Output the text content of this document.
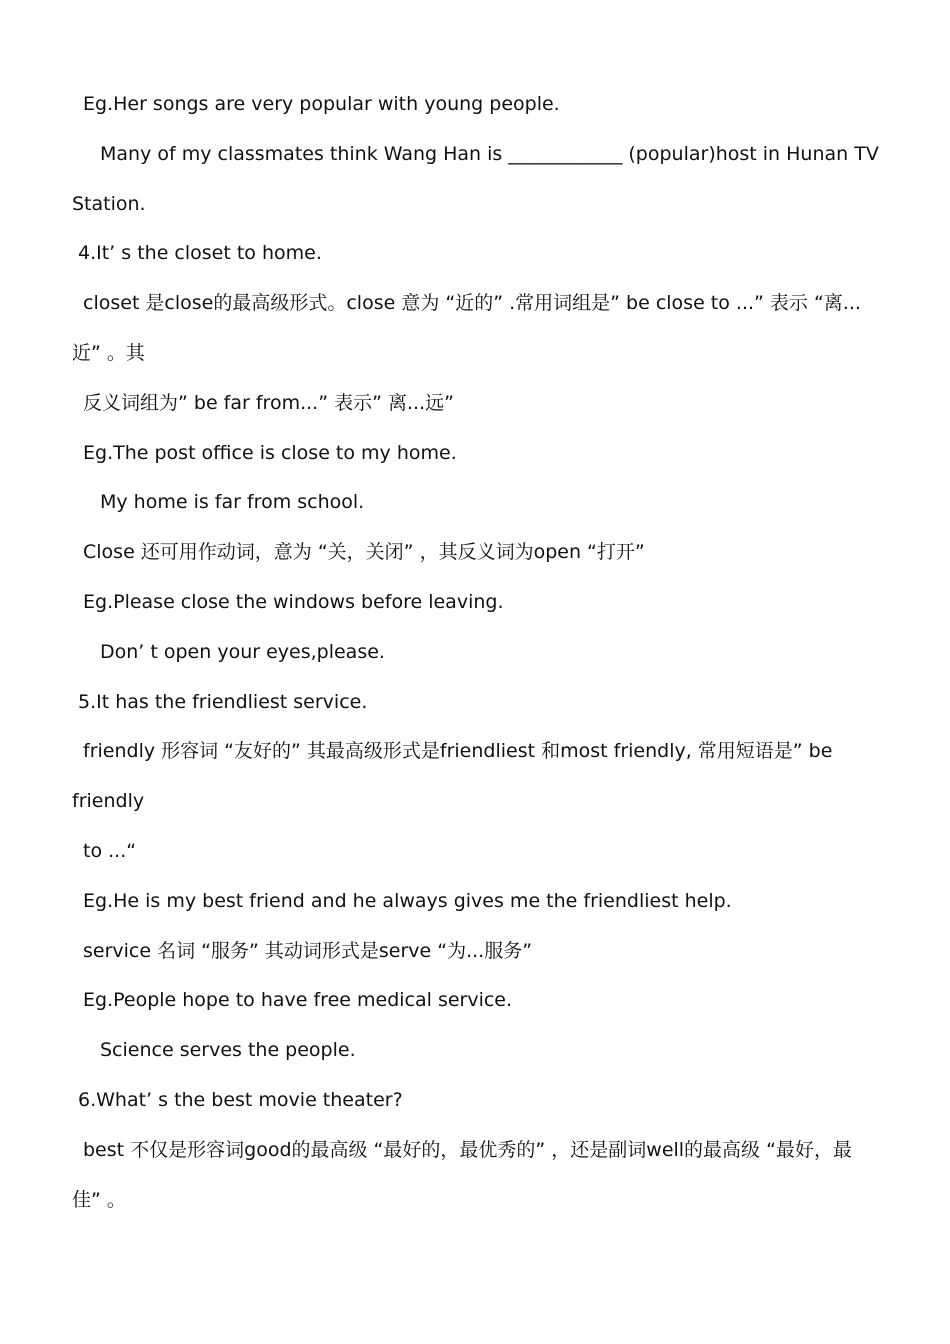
Eg.Her songs are very popular with young people.
Many of my classmates think Wang Han is ____________ (popular)host in Hunan TV
Station.
4.It’ s the closet to home.
closet 是close的最高级形式。close 意为 “近的” .常用词组是” be close to ...” 表示 “离...
近” 。其
反义词组为” be far from...” 表示” 离...远”
Eg.The post office is close to my home.
My home is far from school.
Close 还可用作动词，意为 “关，关闭” ，其反义词为open “打开”
Eg.Please close the windows before leaving.
Don’ t open your eyes,please.
5.It has the friendliest service.
friendly 形容词 “友好的” 其最高级形式是friendliest 和most friendly, 常用短语是” be
friendly
to ...“
Eg.He is my best friend and he always gives me the friendliest help.
service 名词 “服务” 其动词形式是serve “为...服务”
Eg.People hope to have free medical service.
Science serves the people.
6.What’ s the best movie theater?
best 不仅是形容词good的最高级 “最好的，最优秀的” ，还是副词well的最高级 “最好，最
佳” 。
